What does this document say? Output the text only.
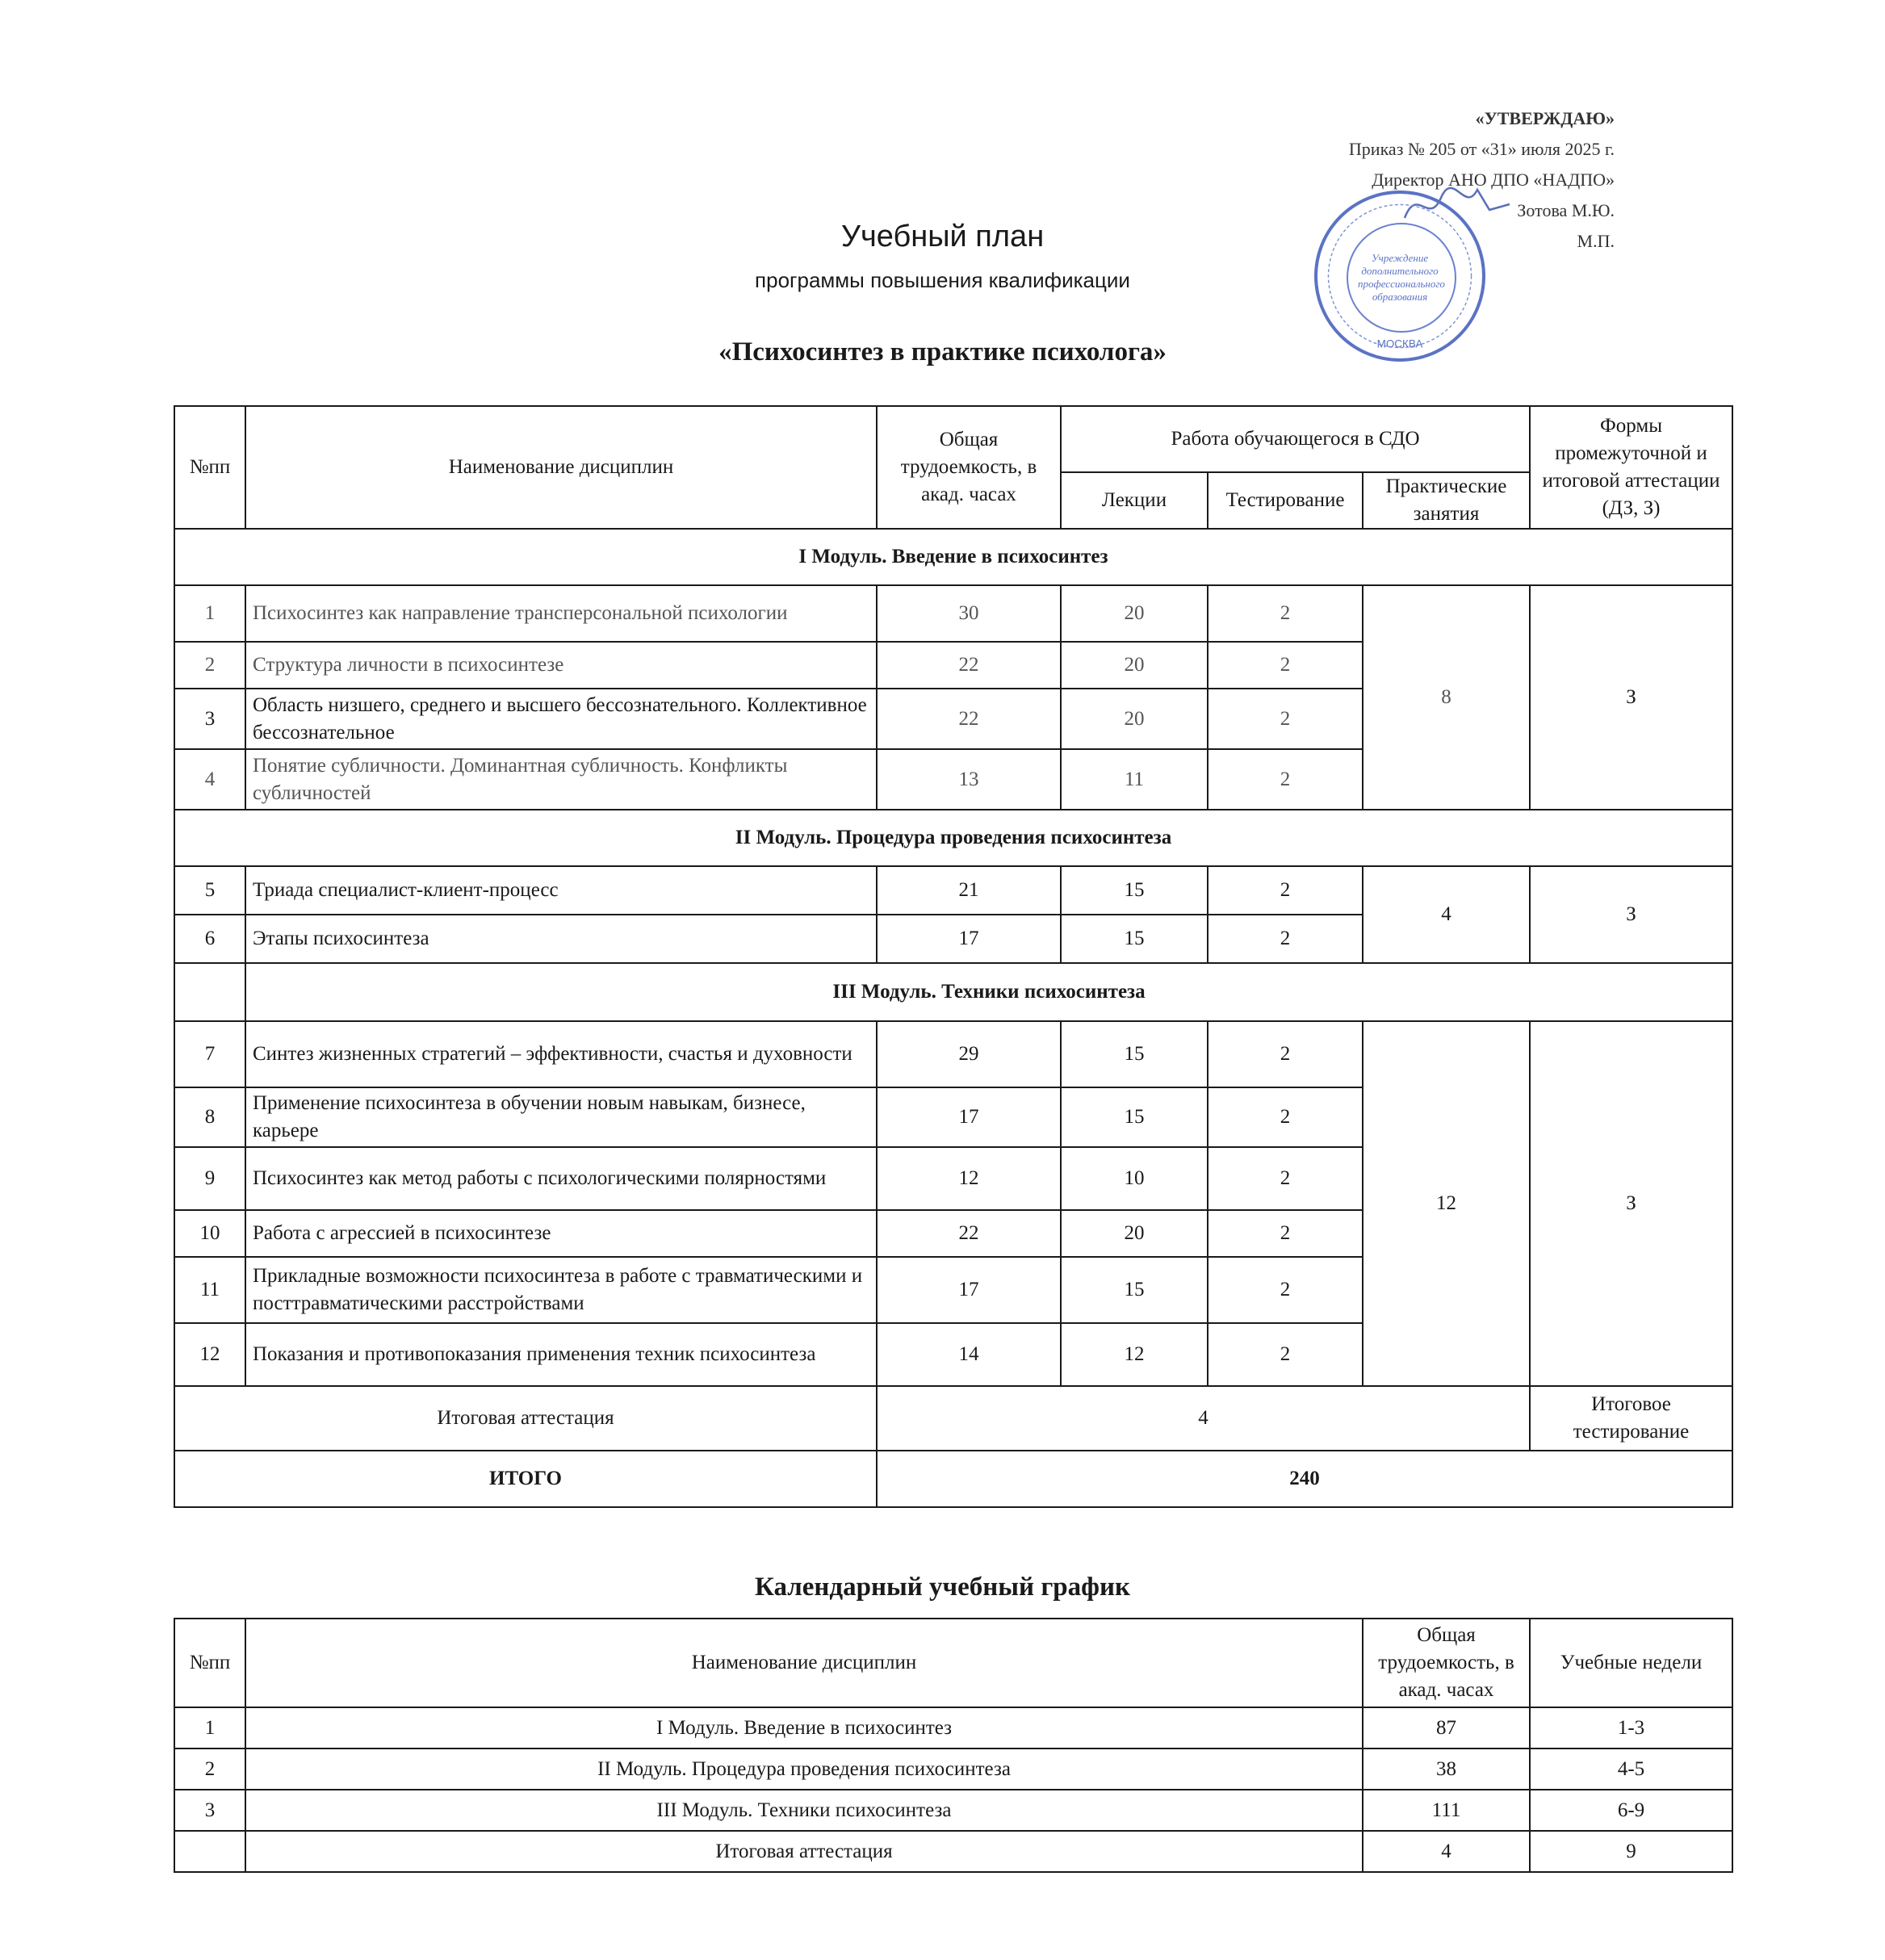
«УТВЕРЖДАЮ»
Приказ № 205 от «31» июля 2025 г.
Директор АНО ДПО «НАДПО»
Зотова М.Ю.
М.П.
МОСКВА
Учреждение дополнительного профессионального образования
Учебный план
программы повышения квалификации
«Психосинтез в практике психолога»
№пп	Наименование дисциплин	Общая трудоемкость, в акад. часах	Работа обучающегося в СДО			Формы промежуточной и итоговой аттестации (ДЗ, З)
			Лекции	Тестирование	Практические занятия	
I Модуль. Введение в психосинтез						
1	Психосинтез как направление трансперсональной психологии	30	20	2	8	З
2	Структура личности в психосинтезе	22	20	2		
3	Область низшего, среднего и высшего бессознательного. Коллективное бессознательное	22	20	2		
4	Понятие субличности. Доминантная субличность. Конфликты субличностей	13	11	2		
II Модуль. Процедура проведения психосинтеза						
5	Триада специалист-клиент-процесс	21	15	2	4	З
6	Этапы психосинтеза	17	15	2		
	III Модуль. Техники психосинтеза					
7	Синтез жизненных стратегий – эффективности, счастья и духовности	29	15	2	12	З
8	Применение психосинтеза в обучении новым навыкам, бизнесе, карьере	17	15	2		
9	Психосинтез как метод работы с психологическими полярностями	12	10	2		
10	Работа с агрессией в психосинтезе	22	20	2		
11	Прикладные возможности психосинтеза в работе с травматическими и посттравматическими расстройствами	17	15	2		
12	Показания и противопоказания применения техник психосинтеза	14	12	2		
Итоговая аттестация		4				Итоговое тестирование
ИТОГО		240				
Календарный учебный график
№пп	Наименование дисциплин	Общая трудоемкость, в акад. часах	Учебные недели
1	I Модуль. Введение в психосинтез	87	1-3
2	II Модуль. Процедура проведения психосинтеза	38	4-5
3	III Модуль. Техники психосинтеза	111	6-9
	Итоговая аттестация	4	9
